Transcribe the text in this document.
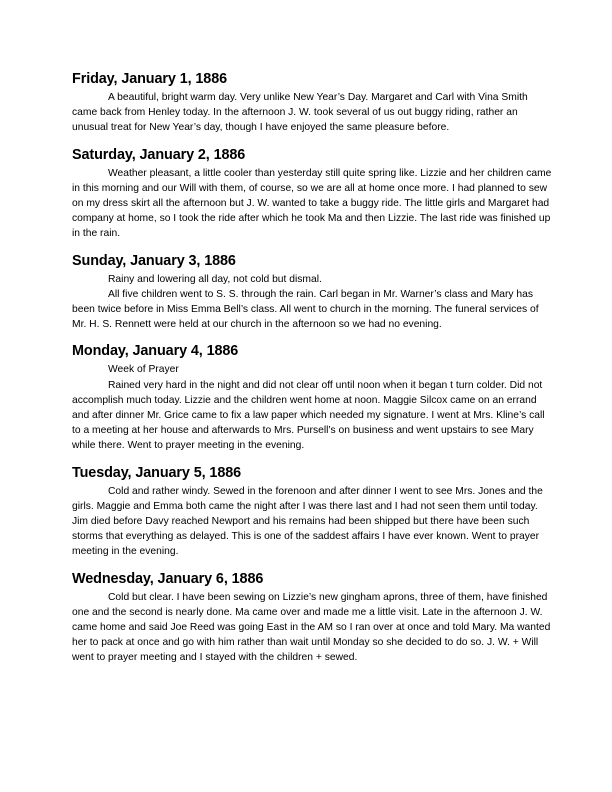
Friday, January 1, 1886

A beautiful, bright warm day. Very unlike New Year’s Day. Margaret and Carl with Vina Smith came back from Henley today. In the afternoon J. W. took several of us out buggy riding, rather an unusual treat for New Year’s day, though I have enjoyed the same pleasure before.

Saturday, January 2, 1886

Weather pleasant, a little cooler than yesterday still quite spring like. Lizzie and her children came in this morning and our Will with them, of course, so we are all at home once more. I had planned to sew on my dress skirt all the afternoon but J. W. wanted to take a buggy ride. The little girls and Margaret had company at home, so I took the ride after which he took Ma and then Lizzie. The last ride was finished up in the rain.

Sunday, January 3, 1886

Rainy and lowering all day, not cold but dismal.

All five children went to S. S. through the rain. Carl began in Mr. Warner’s class and Mary has been twice before in Miss Emma Bell’s class. All went to church in the morning. The funeral services of Mr. H. S. Rennett were held at our church in the afternoon so we had no evening.

Monday, January 4, 1886

Week of Prayer

Rained very hard in the night and did not clear off until noon when it began t turn colder. Did not accomplish much today. Lizzie and the children went home at noon. Maggie Silcox came on an errand and after dinner Mr. Grice came to fix a law paper which needed my signature. I went at Mrs. Kline’s call to a meeting at her house and afterwards to Mrs. Pursell’s on business and went upstairs to see Mary while there. Went to prayer meeting in the evening.

Tuesday, January 5, 1886

Cold and rather windy. Sewed in the forenoon and after dinner I went to see Mrs. Jones and the girls. Maggie and Emma both came the night after I was there last and I had not seen them until today. Jim died before Davy reached Newport and his remains had been shipped but there have been such storms that everything as delayed. This is one of the saddest affairs I have ever known. Went to prayer meeting in the evening.

Wednesday, January 6, 1886

Cold but clear. I have been sewing on Lizzie’s new gingham aprons, three of them, have finished one and the second is nearly done. Ma came over and made me a little visit. Late in the afternoon J. W. came home and said Joe Reed was going East in the AM so I ran over at once and told Mary. Ma wanted her to pack at once and go with him rather than wait until Monday so she decided to do so. J. W. + Will went to prayer meeting and I stayed with the children + sewed.
